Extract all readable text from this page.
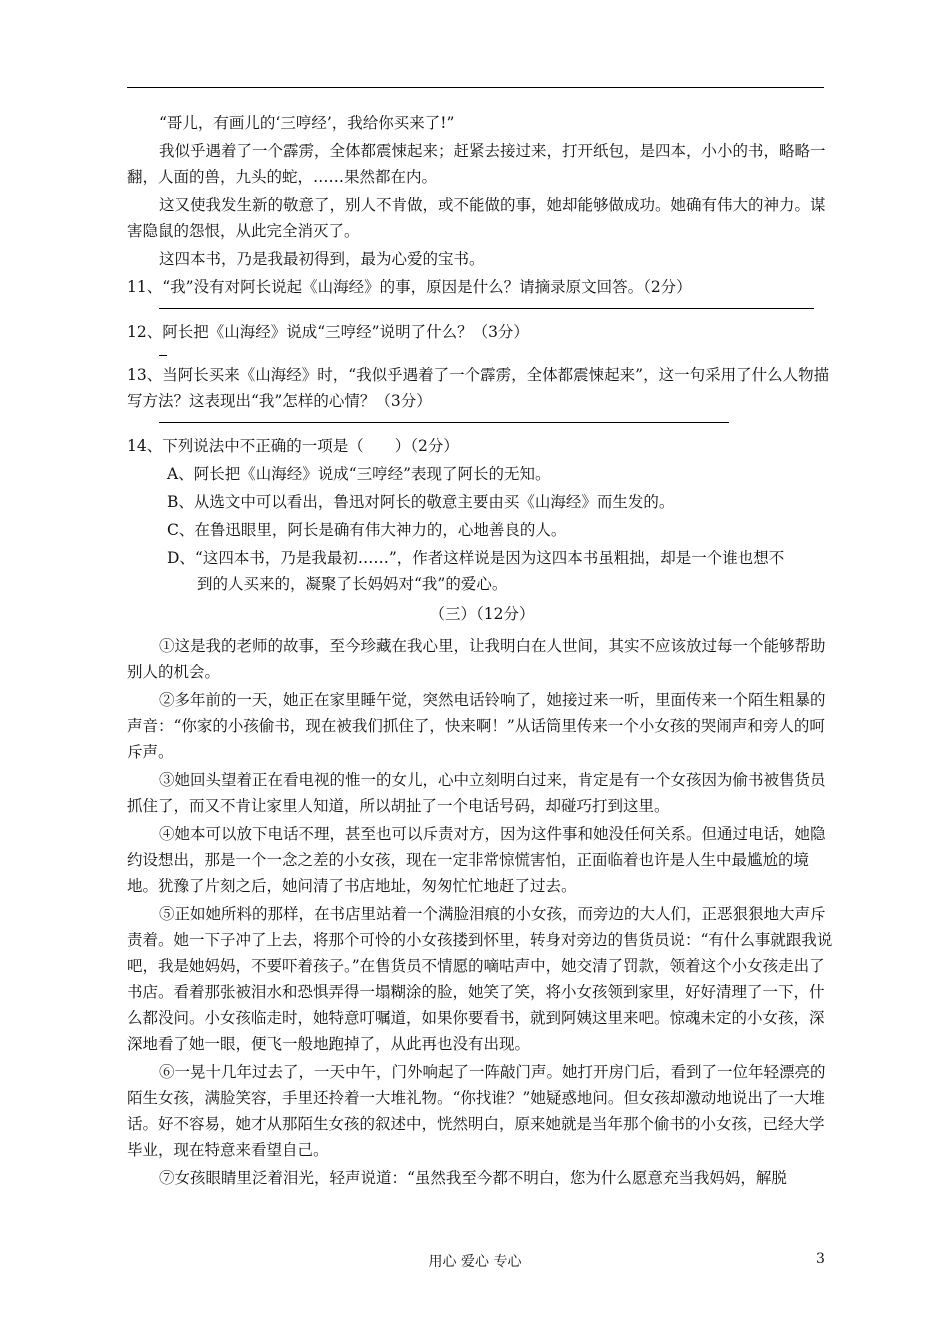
“哥儿，有画儿的‘三哼经’，我给你买来了!”

我似乎遇着了一个霹雳，全体都震悚起来；赶紧去接过来，打开纸包，是四本，小小的书，略略一翻，人面的兽，九头的蛇，……果然都在内。

这又使我发生新的敬意了，别人不肯做，或不能做的事，她却能够做成功。她确有伟大的神力。谋害隐鼠的怨恨，从此完全消灭了。

这四本书，乃是我最初得到，最为心爱的宝书。

11、“我”没有对阿长说起《山海经》的事，原因是什么？请摘录原文回答。（2分）

12、阿长把《山海经》说成“三哼经”说明了什么？（3分）

13、当阿长买来《山海经》时，“我似乎遇着了一个霹雳，全体都震悚起来”，这一句采用了什么人物描写方法？这表现出“我”怎样的心情？（3分）

14、下列说法中不正确的一项是（　　）（2分）

A、阿长把《山海经》说成“三哼经”表现了阿长的无知。

B、从选文中可以看出，鲁迅对阿长的敬意主要由买《山海经》而生发的。

C、在鲁迅眼里，阿长是确有伟大神力的，心地善良的人。

D、“这四本书，乃是我最初……”，作者这样说是因为这四本书虽粗拙，却是一个谁也想不
到的人买来的，凝聚了长妈妈对“我”的爱心。

（三）（12分）

①这是我的老师的故事，至今珍藏在我心里，让我明白在人世间，其实不应该放过每一个能够帮助别人的机会。

②多年前的一天，她正在家里睡午觉，突然电话铃响了，她接过来一听，里面传来一个陌生粗暴的声音：“你家的小孩偷书，现在被我们抓住了，快来啊！”从话筒里传来一个小女孩的哭闹声和旁人的呵斥声。

③她回头望着正在看电视的惟一的女儿，心中立刻明白过来，肯定是有一个女孩因为偷书被售货员抓住了，而又不肯让家里人知道，所以胡扯了一个电话号码，却碰巧打到这里。

④她本可以放下电话不理，甚至也可以斥责对方，因为这件事和她没任何关系。但通过电话，她隐约设想出，那是一个一念之差的小女孩，现在一定非常惊慌害怕，正面临着也许是人生中最尴尬的境地。犹豫了片刻之后，她问清了书店地址，匆匆忙忙地赶了过去。

⑤正如她所料的那样，在书店里站着一个满脸泪痕的小女孩，而旁边的大人们，正恶狠狠地大声斥责着。她一下子冲了上去，将那个可怜的小女孩搂到怀里，转身对旁边的售货员说：“有什么事就跟我说吧，我是她妈妈，不要吓着孩子。”在售货员不情愿的嘀咕声中，她交清了罚款，领着这个小女孩走出了书店。看着那张被泪水和恐惧弄得一塌糊涂的脸，她笑了笑，将小女孩领到家里，好好清理了一下，什么都没问。小女孩临走时，她特意叮嘱道，如果你要看书，就到阿姨这里来吧。惊魂未定的小女孩，深深地看了她一眼，便飞一般地跑掉了，从此再也没有出现。

⑥一晃十几年过去了，一天中午，门外响起了一阵敲门声。她打开房门后，看到了一位年轻漂亮的陌生女孩，满脸笑容，手里还拎着一大堆礼物。“你找谁？”她疑惑地问。但女孩却激动地说出了一大堆话。好不容易，她才从那陌生女孩的叙述中，恍然明白，原来她就是当年那个偷书的小女孩，已经大学毕业，现在特意来看望自己。

⑦女孩眼睛里泛着泪光，轻声说道：“虽然我至今都不明白，您为什么愿意充当我妈妈，解脱

用心 爱心 专心	3
